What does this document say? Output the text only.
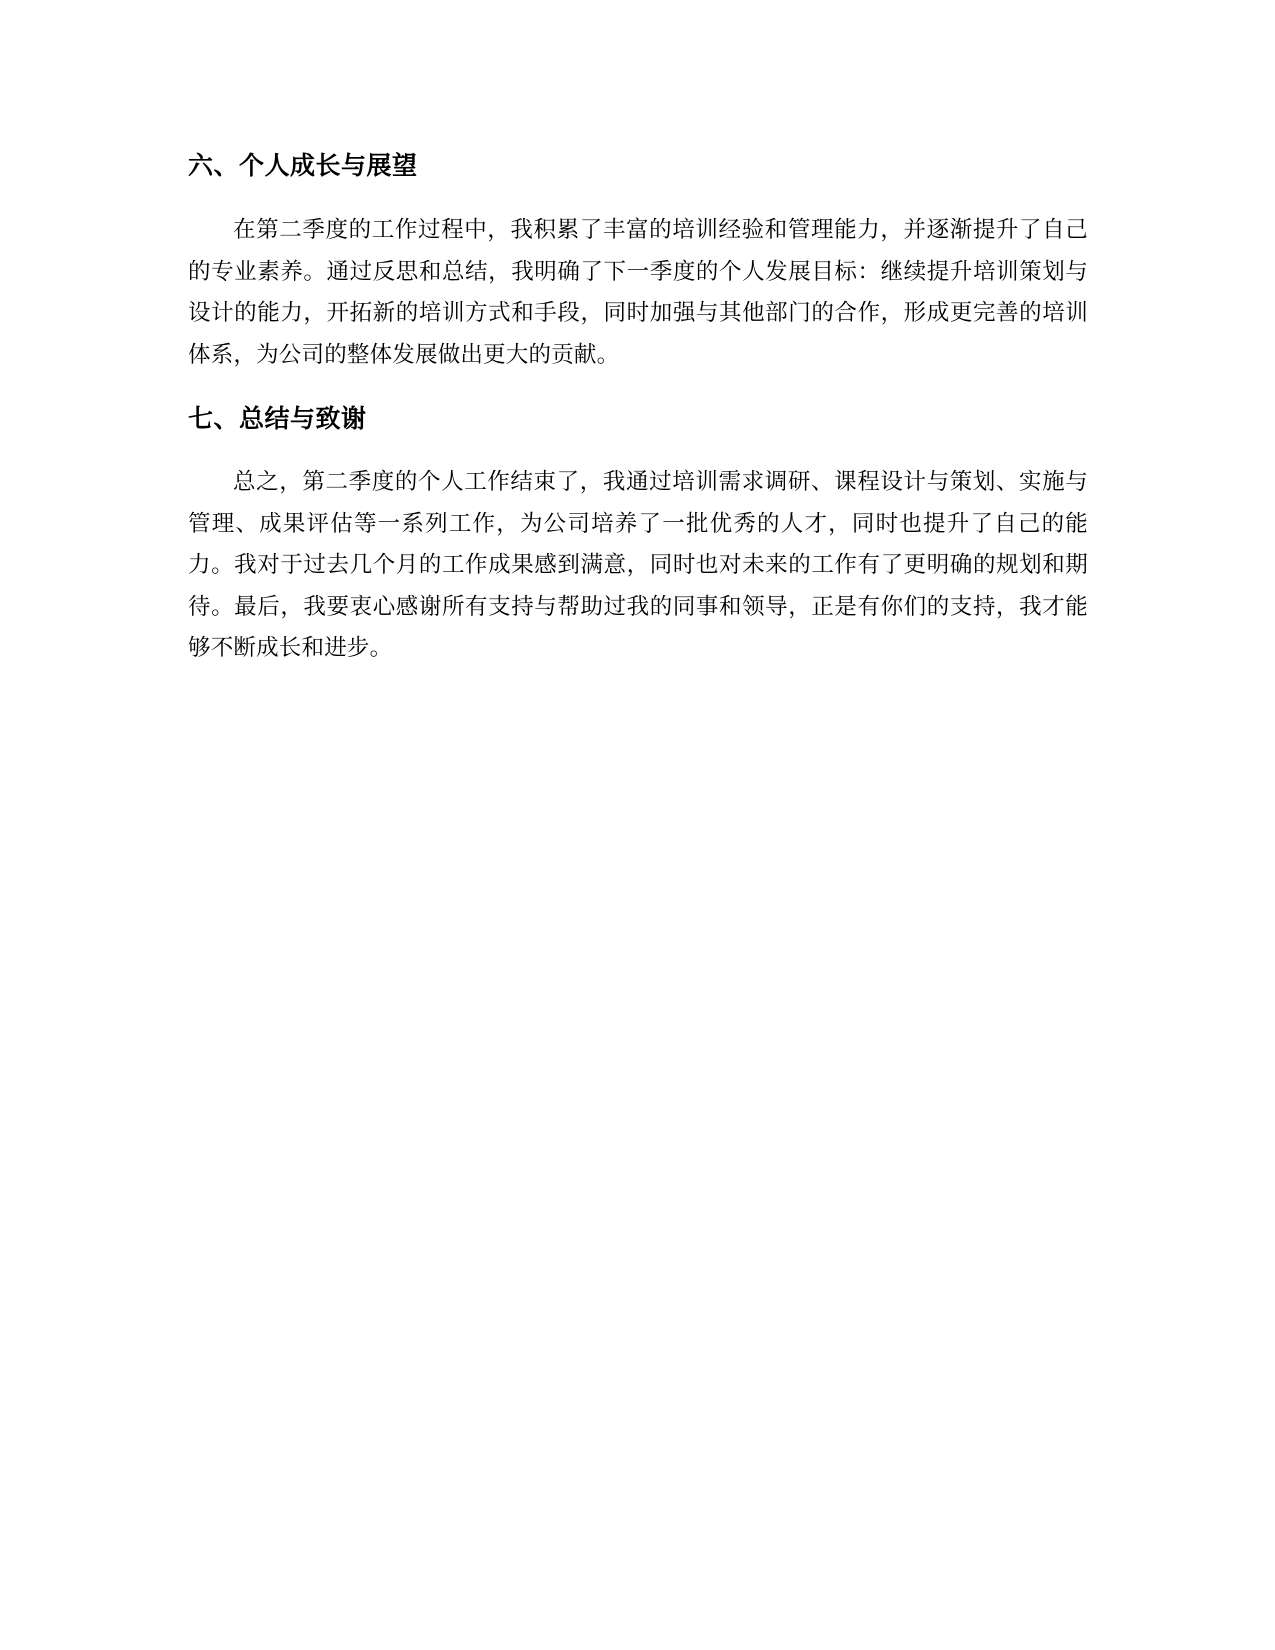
六、个人成长与展望

在第二季度的工作过程中，我积累了丰富的培训经验和管理能力，并逐渐提升了自己的专业素养。通过反思和总结，我明确了下一季度的个人发展目标：继续提升培训策划与设计的能力，开拓新的培训方式和手段，同时加强与其他部门的合作，形成更完善的培训体系，为公司的整体发展做出更大的贡献。

七、总结与致谢

总之，第二季度的个人工作结束了，我通过培训需求调研、课程设计与策划、实施与管理、成果评估等一系列工作，为公司培养了一批优秀的人才，同时也提升了自己的能力。我对于过去几个月的工作成果感到满意，同时也对未来的工作有了更明确的规划和期待。最后，我要衷心感谢所有支持与帮助过我的同事和领导，正是有你们的支持，我才能够不断成长和进步。
